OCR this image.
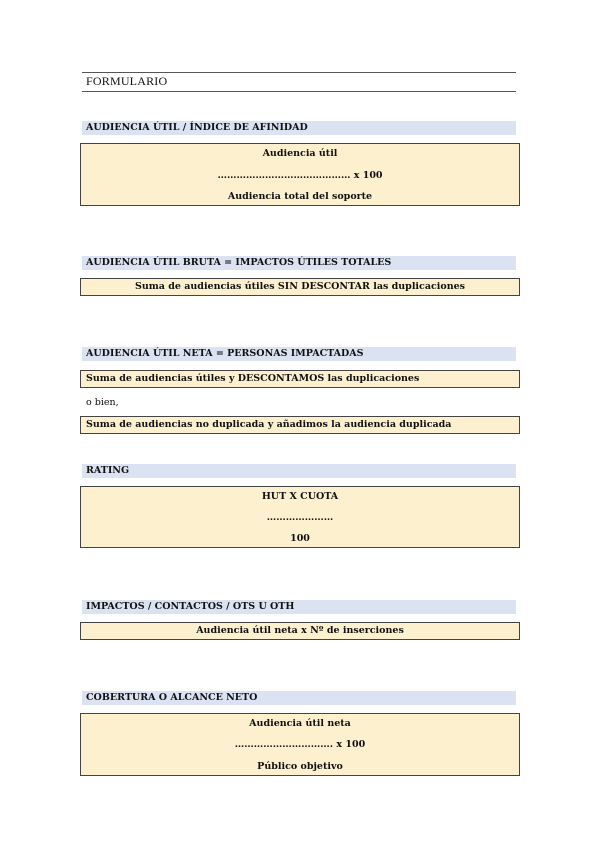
FORMULARIO
AUDIENCIA ÚTIL / ÍNDICE DE AFINIDAD
Audiencia útil
…………………………………… x 100
Audiencia total del soporte
AUDIENCIA ÚTIL BRUTA = IMPACTOS ÚTILES TOTALES
Suma de audiencias útiles SIN DESCONTAR las duplicaciones
AUDIENCIA ÚTIL NETA = PERSONAS IMPACTADAS
Suma de audiencias útiles y DESCONTAMOS las duplicaciones
o bien,
Suma de audiencias no duplicada y añadimos la audiencia duplicada
RATING
HUT X CUOTA
…………………
100
IMPACTOS / CONTACTOS / OTS U OTH
Audiencia útil neta x Nº de inserciones
COBERTURA O ALCANCE NETO
Audiencia útil neta
…………………………. x 100
Público objetivo
